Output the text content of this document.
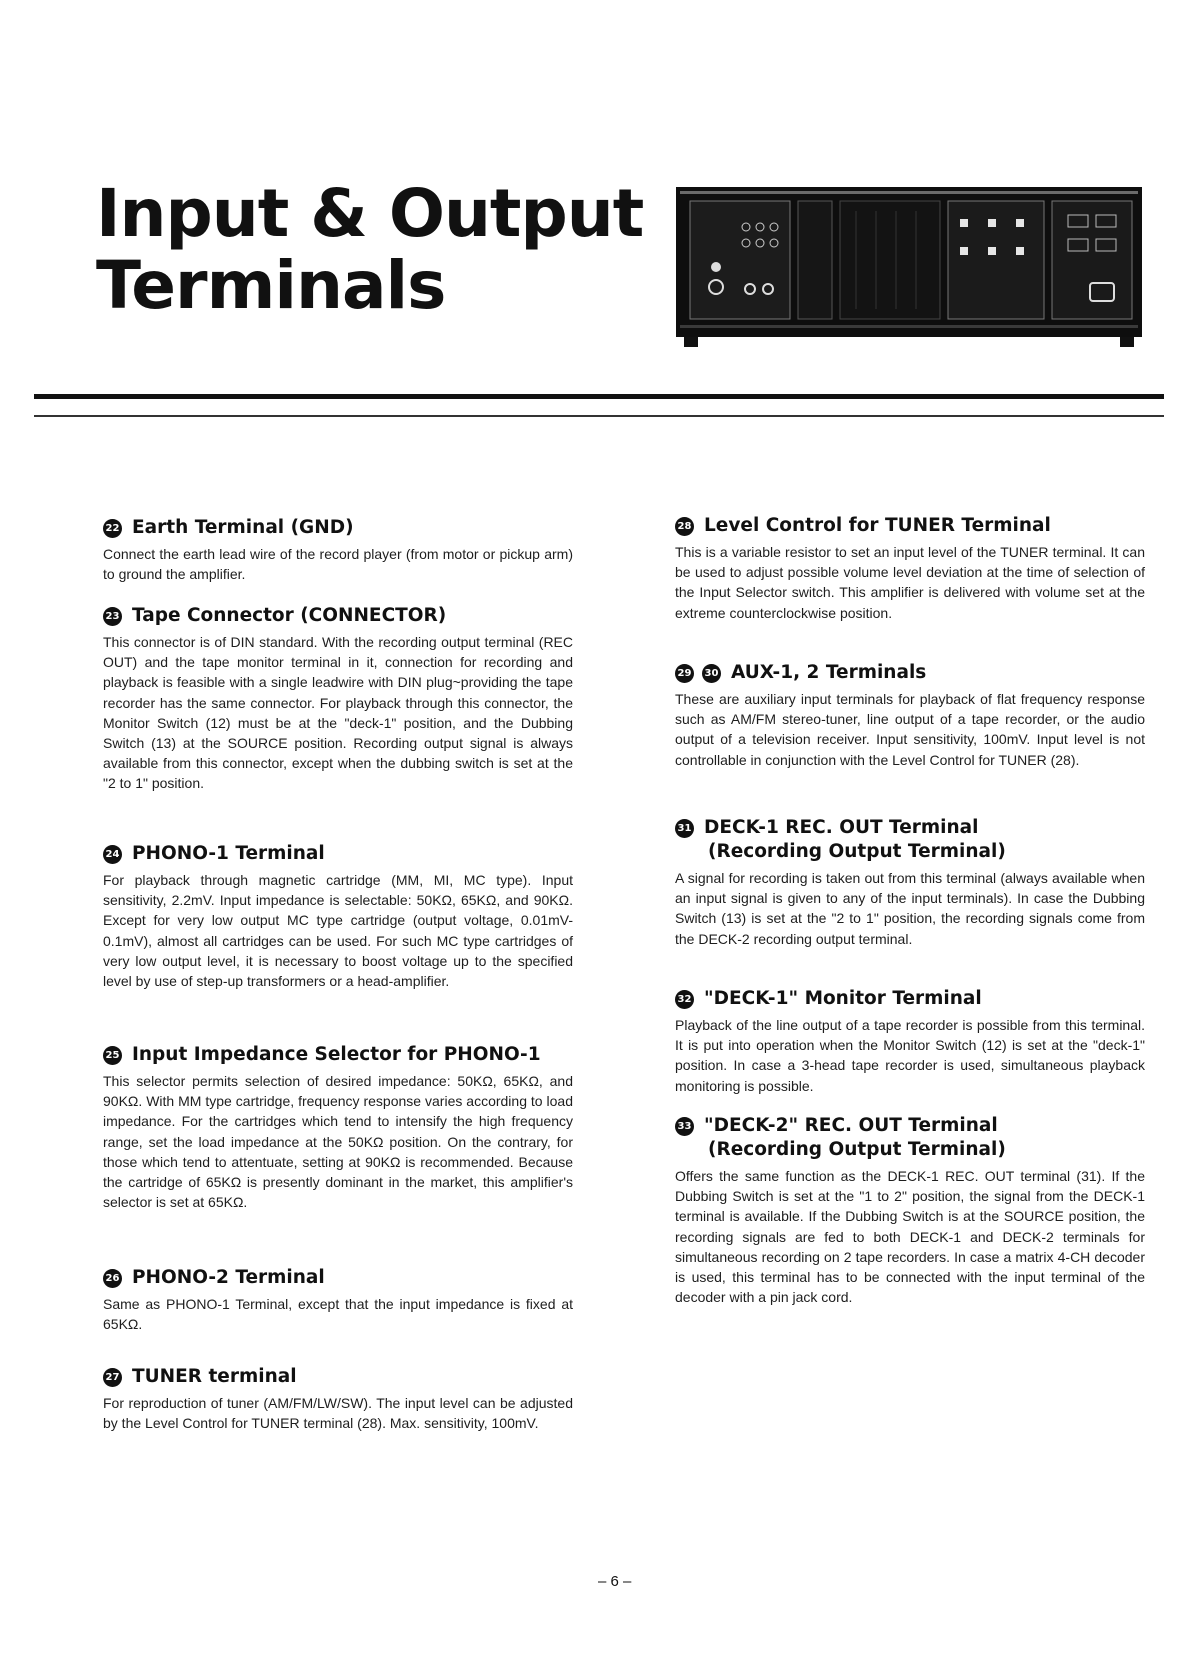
Input & Output
Terminals
22 Earth Terminal (GND)

Connect the earth lead wire of the record player (from motor or pickup arm) to ground the amplifier.

23 Tape Connector (CONNECTOR)

This connector is of DIN standard. With the recording output terminal (REC OUT) and the tape monitor terminal in it, connection for recording and playback is feasible with a single leadwire with DIN plug~providing the tape recorder has the same connector. For playback through this connector, the Monitor Switch (12) must be at the "deck-1" position, and the Dubbing Switch (13) at the SOURCE position. Recording output signal is always available from this connector, except when the dubbing switch is set at the "2 to 1" position.

24 PHONO-1 Terminal

For playback through magnetic cartridge (MM, MI, MC type). Input sensitivity, 2.2mV. Input impedance is selectable: 50KΩ, 65KΩ, and 90KΩ. Except for very low output MC type cartridge (output voltage, 0.01mV-0.1mV), almost all cartridges can be used. For such MC type cartridges of very low output level, it is necessary to boost voltage up to the specified level by use of step-up transformers or a head-amplifier.

25 Input Impedance Selector for PHONO-1

This selector permits selection of desired impedance: 50KΩ, 65KΩ, and 90KΩ. With MM type cartridge, frequency response varies according to load impedance. For the cartridges which tend to intensify the high frequency range, set the load impedance at the 50KΩ position. On the contrary, for those which tend to attentuate, setting at 90KΩ is recommended. Because the cartridge of 65KΩ is presently dominant in the market, this amplifier's selector is set at 65KΩ.

26 PHONO-2 Terminal

Same as PHONO-1 Terminal, except that the input impedance is fixed at 65KΩ.

27 TUNER terminal

For reproduction of tuner (AM/FM/LW/SW). The input level can be adjusted by the Level Control for TUNER terminal (28). Max. sensitivity, 100mV.

28 Level Control for TUNER Terminal

This is a variable resistor to set an input level of the TUNER terminal. It can be used to adjust possible volume level deviation at the time of selection of the Input Selector switch. This amplifier is delivered with volume set at the extreme counterclockwise position.

29 30 AUX-1, 2 Terminals

These are auxiliary input terminals for playback of flat frequency response such as AM/FM stereo-tuner, line output of a tape recorder, or the audio output of a television receiver. Input sensitivity, 100mV. Input level is not controllable in conjunction with the Level Control for TUNER (28).

31 DECK-1 REC. OUT Terminal
(Recording Output Terminal)

A signal for recording is taken out from this terminal (always available when an input signal is given to any of the input terminals). In case the Dubbing Switch (13) is set at the "2 to 1" position, the recording signals come from the DECK-2 recording output terminal.

32 "DECK-1" Monitor Terminal

Playback of the line output of a tape recorder is possible from this terminal. It is put into operation when the Monitor Switch (12) is set at the "deck-1" position. In case a 3-head tape recorder is used, simultaneous playback monitoring is possible.

33 "DECK-2" REC. OUT Terminal
(Recording Output Terminal)

Offers the same function as the DECK-1 REC. OUT terminal (31). If the Dubbing Switch is set at the "1 to 2" position, the signal from the DECK-1 terminal is available. If the Dubbing Switch is at the SOURCE position, the recording signals are fed to both DECK-1 and DECK-2 terminals for simultaneous recording on 2 tape recorders. In case a matrix 4-CH decoder is used, this terminal has to be connected with the input terminal of the decoder with a pin jack cord.

– 6 –
